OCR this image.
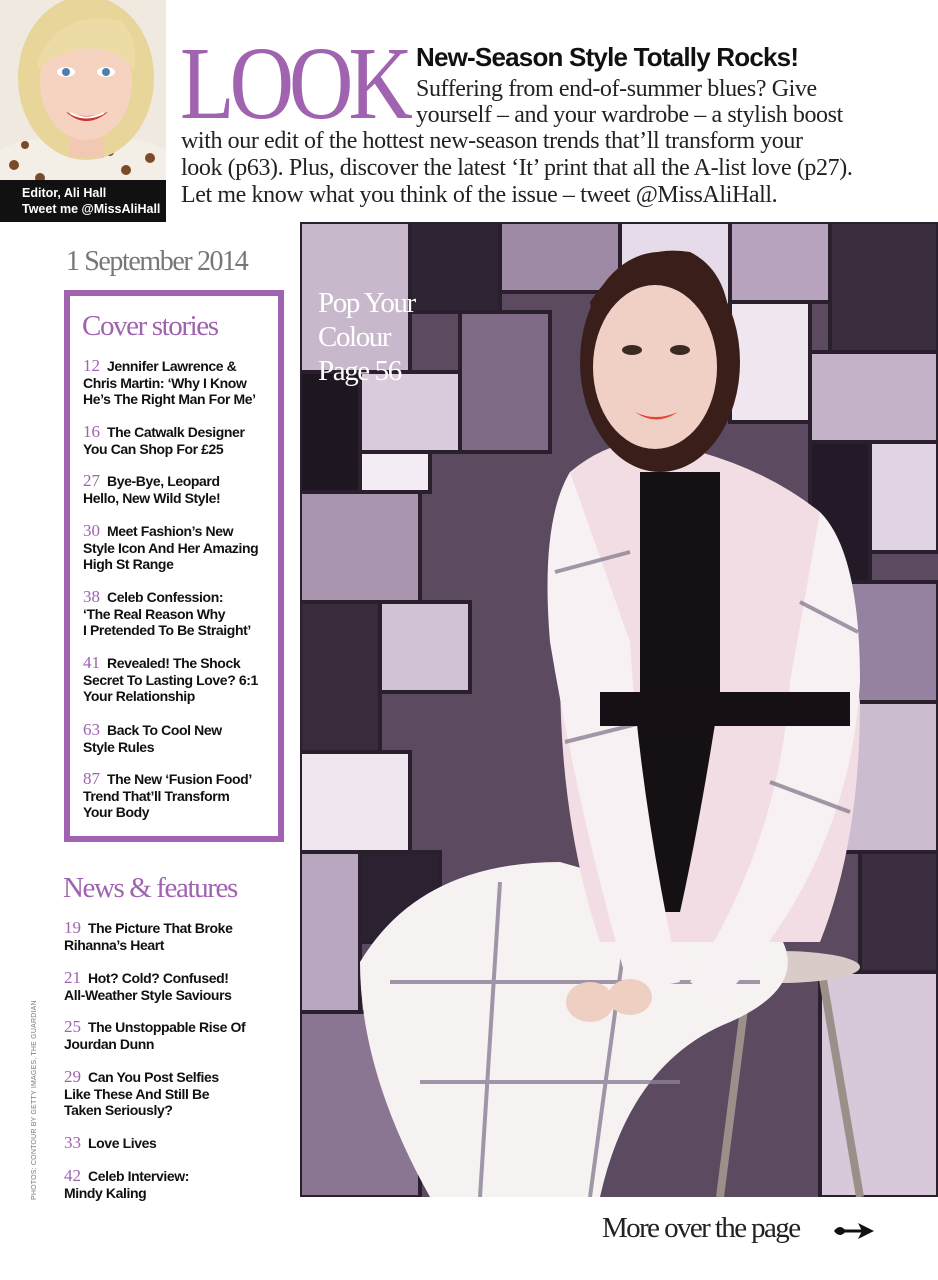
Editor, Ali Hall
Tweet me @MissAliHall
LOOK New-Season Style Totally Rocks!
Suffering from end-of-summer blues? Give
yourself – and your wardrobe – a stylish boost
with our edit of the hottest new-season trends that’ll transform your
look (p63). Plus, discover the latest ‘It’ print that all the A-list love (p27).
Let me know what you think of the issue – tweet @MissAliHall.
1 September 2014
Cover stories
12 Jennifer Lawrence &
Chris Martin: ‘Why I Know
He’s The Right Man For Me’
16 The Catwalk Designer
You Can Shop For £25
27 Bye-Bye, Leopard
Hello, New Wild Style!
30 Meet Fashion’s New
Style Icon And Her Amazing
High St Range
38 Celeb Confession:
‘The Real Reason Why
I Pretended To Be Straight’
41 Revealed! The Shock
Secret To Lasting Love? 6:1
Your Relationship
63 Back To Cool New
Style Rules
87 The New ‘Fusion Food’
Trend That’ll Transform
Your Body
News & features
19 The Picture That Broke
Rihanna’s Heart
21 Hot? Cold? Confused!
All-Weather Style Saviours
25 The Unstoppable Rise Of
Jourdan Dunn
29 Can You Post Selfies
Like These And Still Be
Taken Seriously?
33 Love Lives
42 Celeb Interview:
Mindy Kaling
PHOTOS: CONTOUR BY GETTY IMAGES, THE GUARDIAN
Pop Your
Colour
Page 56
More over the page
